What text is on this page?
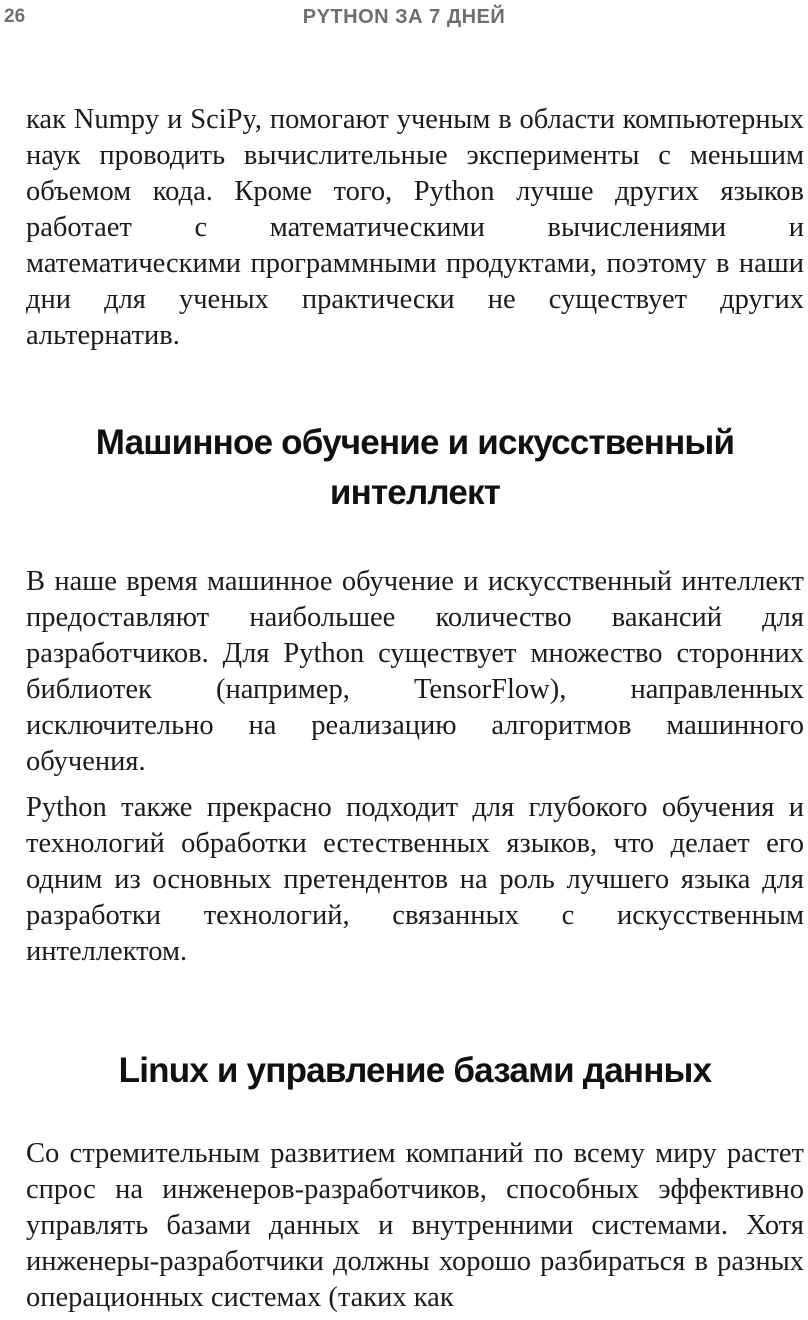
26	PYTHON ЗА 7 ДНЕЙ

как Numpy и SciPy, помогают ученым в области компьютерных наук проводить вычислительные эксперименты с меньшим объемом кода. Кроме того, Python лучше других языков работает с математическими вычислениями и математическими программными продуктами, поэтому в наши дни для ученых практически не существует других альтернатив.

Машинное обучение и искусственный интеллект

В наше время машинное обучение и искусственный интеллект предоставляют наибольшее количество вакансий для разработчиков. Для Python существует множество сторонних библиотек (например, TensorFlow), направленных исключительно на реализацию алгоритмов машинного обучения.

Python также прекрасно подходит для глубокого обучения и технологий обработки естественных языков, что делает его одним из основных претендентов на роль лучшего языка для разработки технологий, связанных с искусственным интеллектом.

Linux и управление базами данных

Со стремительным развитием компаний по всему миру растет спрос на инженеров-разработчиков, способных эффективно управлять базами данных и внутренними системами. Хотя инженеры-разработчики должны хорошо разбираться в разных операционных системах (таких как
